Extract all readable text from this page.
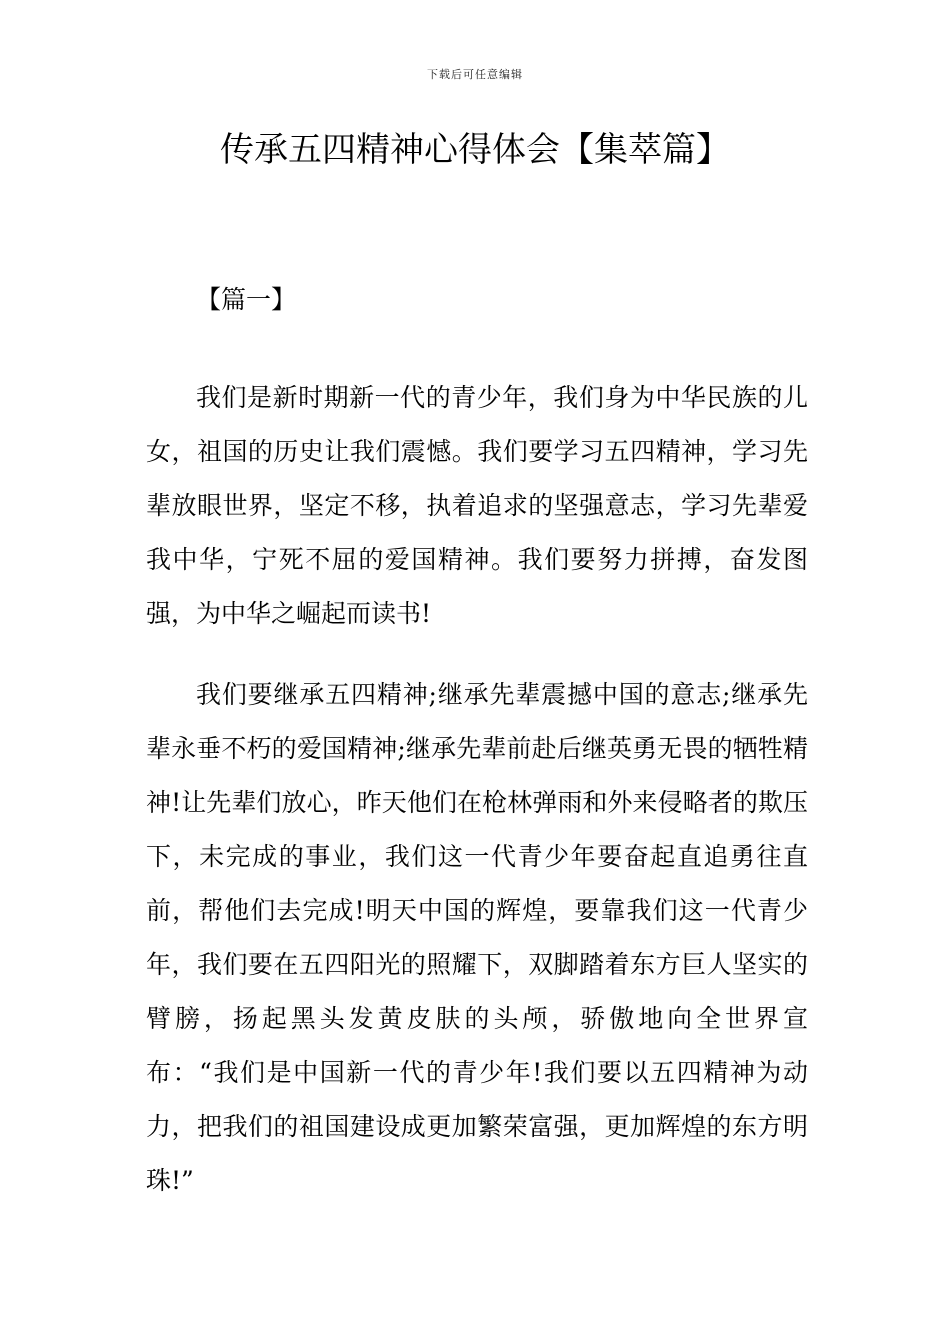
下载后可任意编辑
传承五四精神心得体会【集萃篇】
【篇一】

我们是新时期新一代的青少年，我们身为中华民族的儿女，祖国的历史让我们震憾。我们要学习五四精神，学习先辈放眼世界，坚定不移，执着追求的坚强意志，学习先辈爱我中华，宁死不屈的爱国精神。我们要努力拼搏，奋发图强，为中华之崛起而读书!

我们要继承五四精神;继承先辈震撼中国的意志;继承先辈永垂不朽的爱国精神;继承先辈前赴后继英勇无畏的牺牲精神!让先辈们放心，昨天他们在枪林弹雨和外来侵略者的欺压下，未完成的事业，我们这一代青少年要奋起直追勇往直前，帮他们去完成!明天中国的辉煌，要靠我们这一代青少年，我们要在五四阳光的照耀下，双脚踏着东方巨人坚实的臂膀，扬起黑头发黄皮肤的头颅，骄傲地向全世界宣布：“我们是中国新一代的青少年!我们要以五四精神为动力，把我们的祖国建设成更加繁荣富强，更加辉煌的东方明珠!”
